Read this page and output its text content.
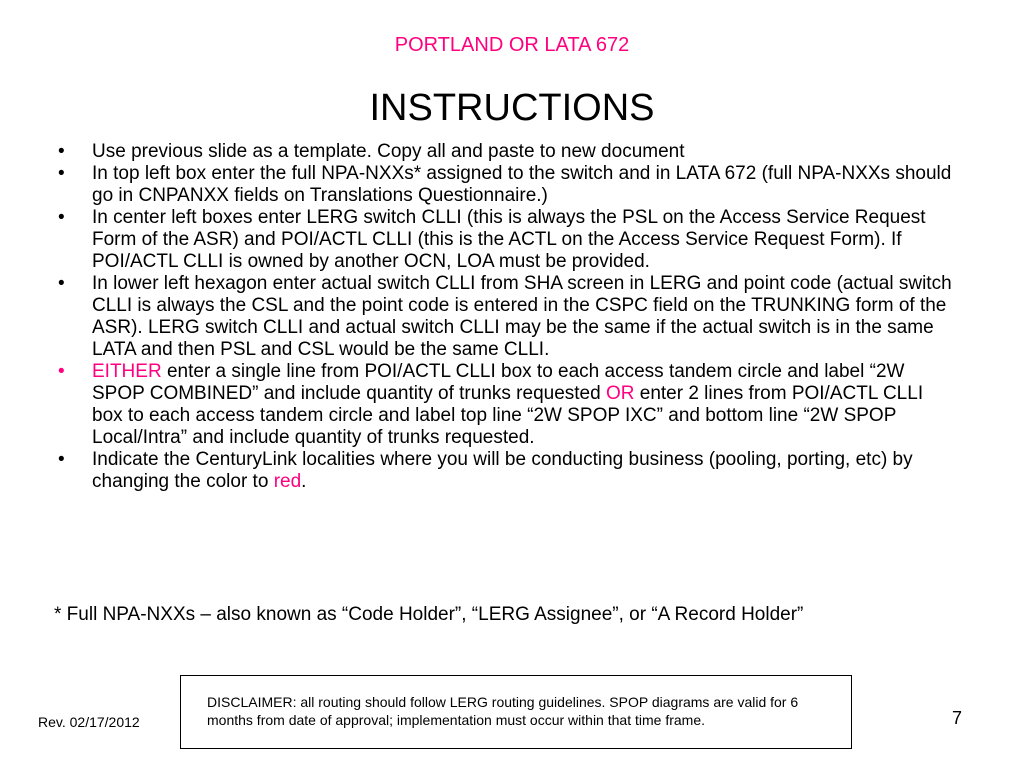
PORTLAND OR LATA 672
INSTRUCTIONS
• Use previous slide as a template. Copy all and paste to new document
• In top left box enter the full NPA-NXXs* assigned to the switch and in LATA 672 (full NPA-NXXs should go in CNPANXX fields on Translations Questionnaire.)
• In center left boxes enter LERG switch CLLI (this is always the PSL on the Access Service Request Form of the ASR) and POI/ACTL CLLI (this is the ACTL on the Access Service Request Form). If POI/ACTL CLLI is owned by another OCN, LOA must be provided.
• In lower left hexagon enter actual switch CLLI from SHA screen in LERG and point code (actual switch CLLI is always the CSL and the point code is entered in the CSPC field on the TRUNKING form of the ASR). LERG switch CLLI and actual switch CLLI may be the same if the actual switch is in the same LATA and then PSL and CSL would be the same CLLI.
• EITHER enter a single line from POI/ACTL CLLI box to each access tandem circle and label “2W SPOP COMBINED” and include quantity of trunks requested OR enter 2 lines from POI/ACTL CLLI box to each access tandem circle and label top line “2W SPOP IXC” and bottom line “2W SPOP Local/Intra” and include quantity of trunks requested.
• Indicate the CenturyLink localities where you will be conducting business (pooling, porting, etc) by changing the color to red.
* Full NPA-NXXs – also known as “Code Holder”, “LERG Assignee”, or “A Record Holder”
DISCLAIMER: all routing should follow LERG routing guidelines. SPOP diagrams are valid for 6 months from date of approval; implementation must occur within that time frame.
Rev. 02/17/2012	7
